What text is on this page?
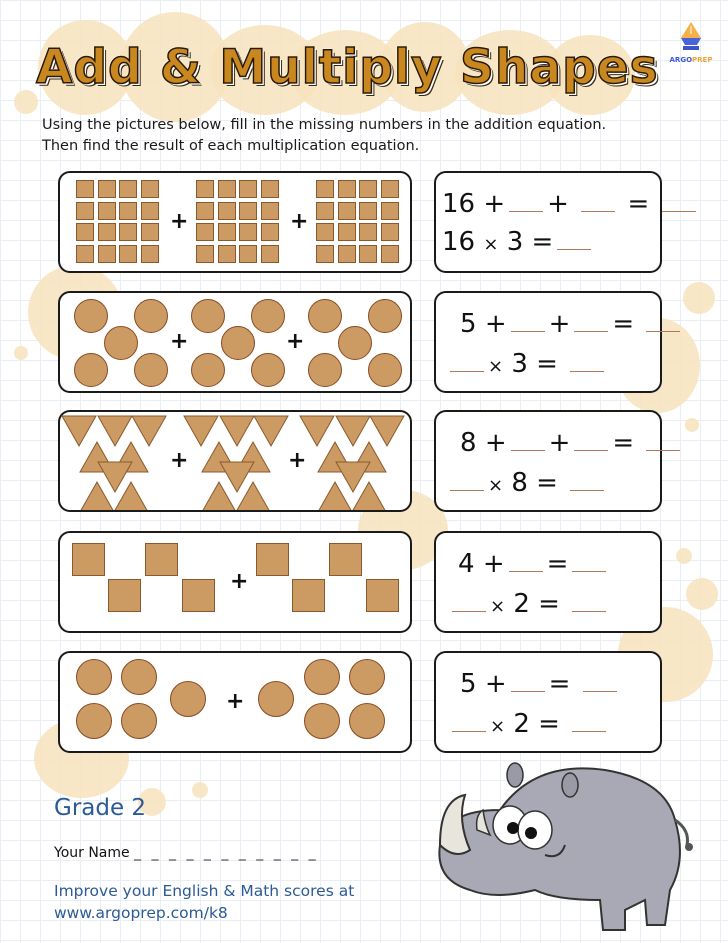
Add & Multiply Shapes ARGOPREP
Using the pictures below, fill in the missing numbers in the addition equation.
Then find the result of each multiplication equation.
+	+
16 + + =
16 × 3 =
+	+
5 + + =
× 3 =
+	+
8 + + =
× 8 =
+
4 + =
× 2 =
+
5 + =
× 2 =
Grade 2
Your Name _ _ _ _ _ _ _ _ _ _ _
Improve your English & Math scores at
www.argoprep.com/k8
